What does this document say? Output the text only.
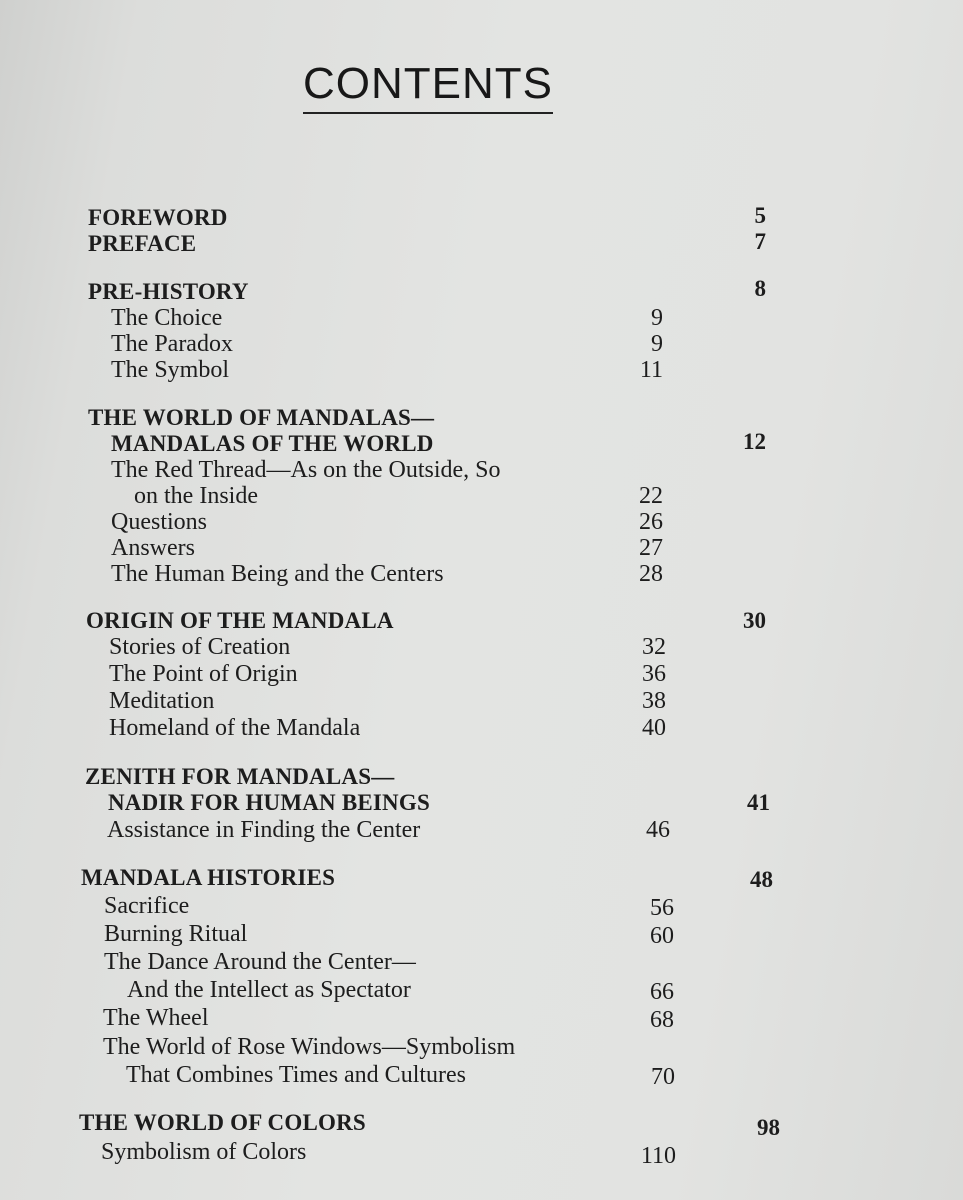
CONTENTS
FOREWORD	5
PREFACE	7
PRE-HISTORY	8
The Choice	9
The Paradox	9
The Symbol	11
THE WORLD OF MANDALAS—
MANDALAS OF THE WORLD	12
The Red Thread—As on the Outside, So
on the Inside	22
Questions	26
Answers	27
The Human Being and the Centers	28
ORIGIN OF THE MANDALA	30
Stories of Creation	32
The Point of Origin	36
Meditation	38
Homeland of the Mandala	40
ZENITH FOR MANDALAS—
NADIR FOR HUMAN BEINGS	41
Assistance in Finding the Center	46
MANDALA HISTORIES	48
Sacrifice	56
Burning Ritual	60
The Dance Around the Center—
And the Intellect as Spectator	66
The Wheel	68
The World of Rose Windows—Symbolism
That Combines Times and Cultures	70
THE WORLD OF COLORS	98
Symbolism of Colors	110
